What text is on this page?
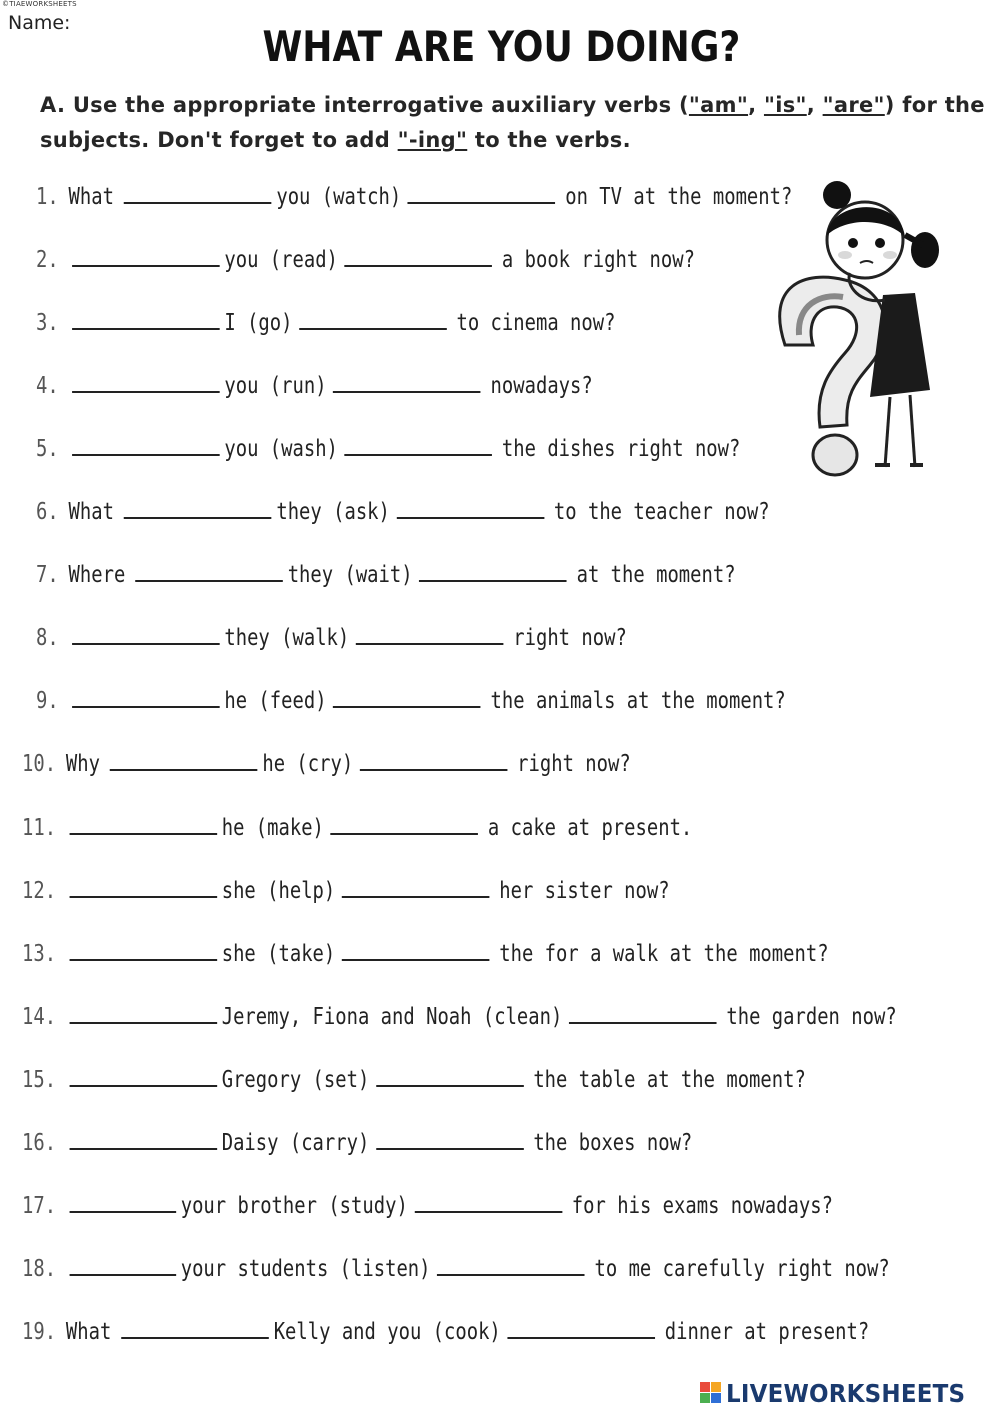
©TIAEWORKSHEETS
Name:	WHAT ARE YOU DOING?
A. Use the appropriate interrogative auxiliary verbs ("am", "is", "are") for the
subjects. Don't forget to add "-ing" to the verbs.
1. What	you (watch)	on TV at the moment?
2.	you (read)	a book right now?
3.	I (go)	to cinema now?
4.	you (run)	nowadays?
5.	you (wash)	the dishes right now?
6. What	they (ask)	to the teacher now?
7. Where	they (wait)	at the moment?
8.	they (walk)	right now?
9.	he (feed)	the animals at the moment?
10. Why	he (cry)	right now?
11.	he (make)	a cake at present.
12.	she (help)	her sister now?
13.	she (take)	the for a walk at the moment?
14.	Jeremy, Fiona and Noah (clean)	the garden now?
15.	Gregory (set)	the table at the moment?
16.	Daisy (carry)	the boxes now?
17.	your brother (study)	for his exams nowadays?
18.	your students (listen)	to me carefully right now?
19. What	Kelly and you (cook)	dinner at present?
LIVEWORKSHEETS
